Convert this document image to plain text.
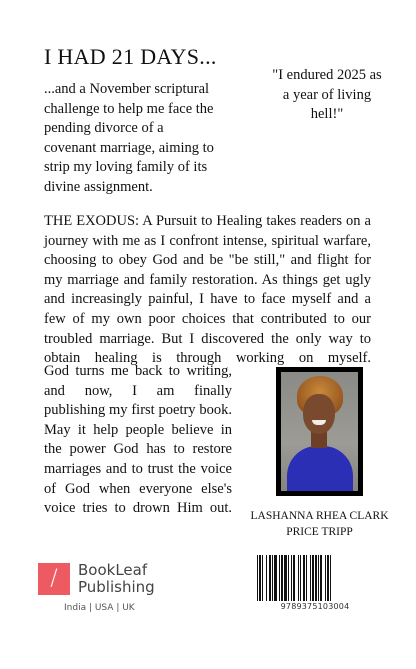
I HAD 21 DAYS...
...and a November scriptural challenge to help me face the pending divorce of a covenant marriage, aiming to strip my loving family of its divine assignment.
"I endured 2025 as a year of living hell!"
THE EXODUS: A Pursuit to Healing takes readers on a journey with me as I confront intense, spiritual warfare, choosing to obey God and be "be still," and flight for my marriage and family restoration. As things get ugly and increasingly painful, I have to face myself and a few of my own poor choices that contributed to our troubled marriage. But I discovered the only way to obtain healing is through working on myself.
God turns me back to writing, and now, I am finally publishing my first poetry book. May it help people believe in the power God has to restore marriages and to trust the voice of God when everyone else's voice tries to drown Him out.	LASHANNA RHEA CLARK PRICE TRIPP
/	BookLeaf Publishing
India | USA | UK	9789375103004
